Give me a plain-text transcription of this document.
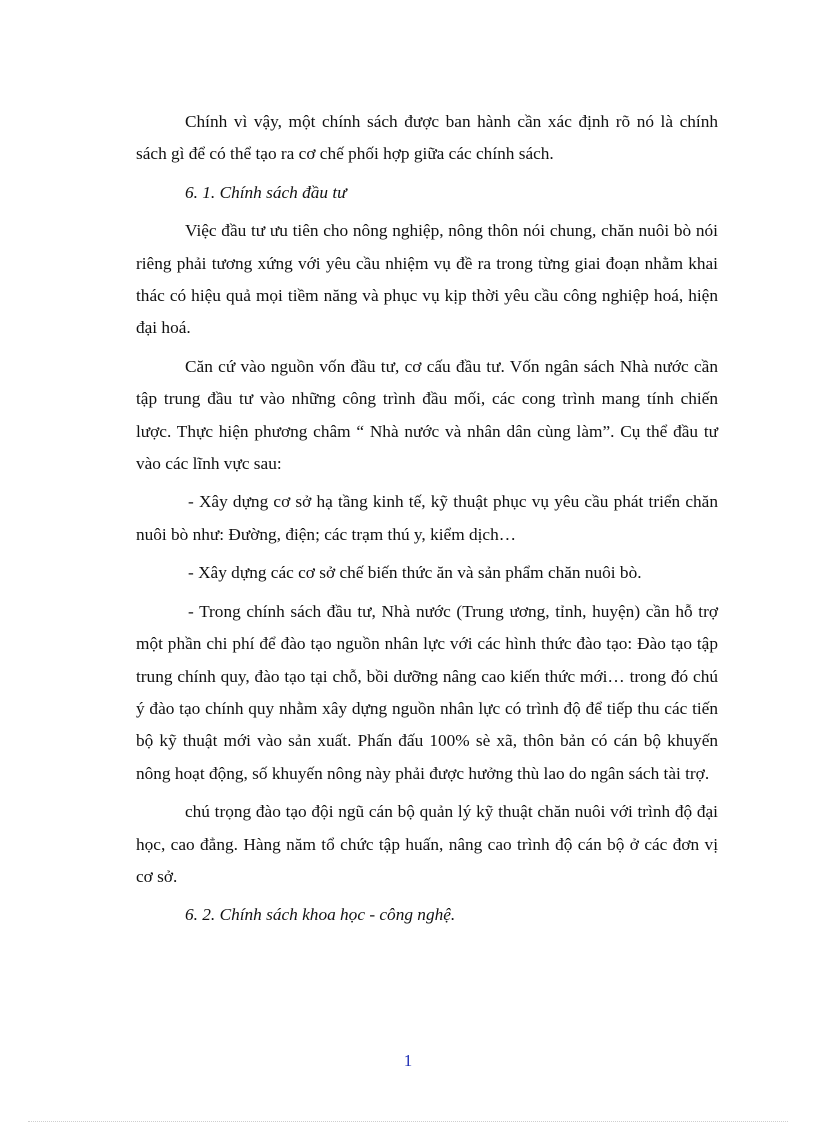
Chính vì vậy, một chính sách được ban hành cần xác định rõ nó là chính sách gì để có thể tạo ra cơ chế phối hợp giữa các chính sách.

6. 1. Chính sách đầu tư

Việc đầu tư ưu tiên cho nông nghiệp, nông thôn nói chung, chăn nuôi bò nói riêng phải tương xứng với yêu cầu nhiệm vụ đề ra trong từng giai đoạn nhằm khai thác có hiệu quả mọi tiềm năng và phục vụ kịp thời yêu cầu công nghiệp hoá, hiện đại hoá.

Căn cứ vào nguồn vốn đầu tư, cơ cấu đầu tư. Vốn ngân sách Nhà nước cần tập trung đầu tư vào những công trình đầu mối, các cong trình mang tính chiến lược. Thực hiện phương châm “ Nhà nước và nhân dân cùng làm”. Cụ thể đầu tư vào các lĩnh vực sau:

- Xây dựng cơ sở hạ tầng kinh tế, kỹ thuật phục vụ yêu cầu phát triển chăn nuôi bò như: Đường, điện; các trạm thú y, kiểm dịch…

- Xây dựng các cơ sở chế biến thức ăn và sản phẩm chăn nuôi bò.

- Trong chính sách đầu tư, Nhà nước (Trung ương, tỉnh, huyện) cần hỗ trợ một phần chi phí để đào tạo nguồn nhân lực với các hình thức đào tạo: Đào tạo tập trung chính quy, đào tạo tại chỗ, bồi dưỡng nâng cao kiến thức mới… trong đó chú ý đào tạo chính quy nhằm xây dựng nguồn nhân lực có trình độ để tiếp thu các tiến bộ kỹ thuật mới vào sản xuất. Phấn đấu 100% sè xã, thôn bản có cán bộ khuyến nông hoạt động, số khuyến nông này phải được hưởng thù lao do ngân sách tài trợ.

chú trọng đào tạo đội ngũ cán bộ quản lý kỹ thuật chăn nuôi với trình độ đại học, cao đẳng. Hàng năm tổ chức tập huấn, nâng cao trình độ cán bộ ở các đơn vị cơ sở.

6. 2. Chính sách khoa học - công nghệ.

1
